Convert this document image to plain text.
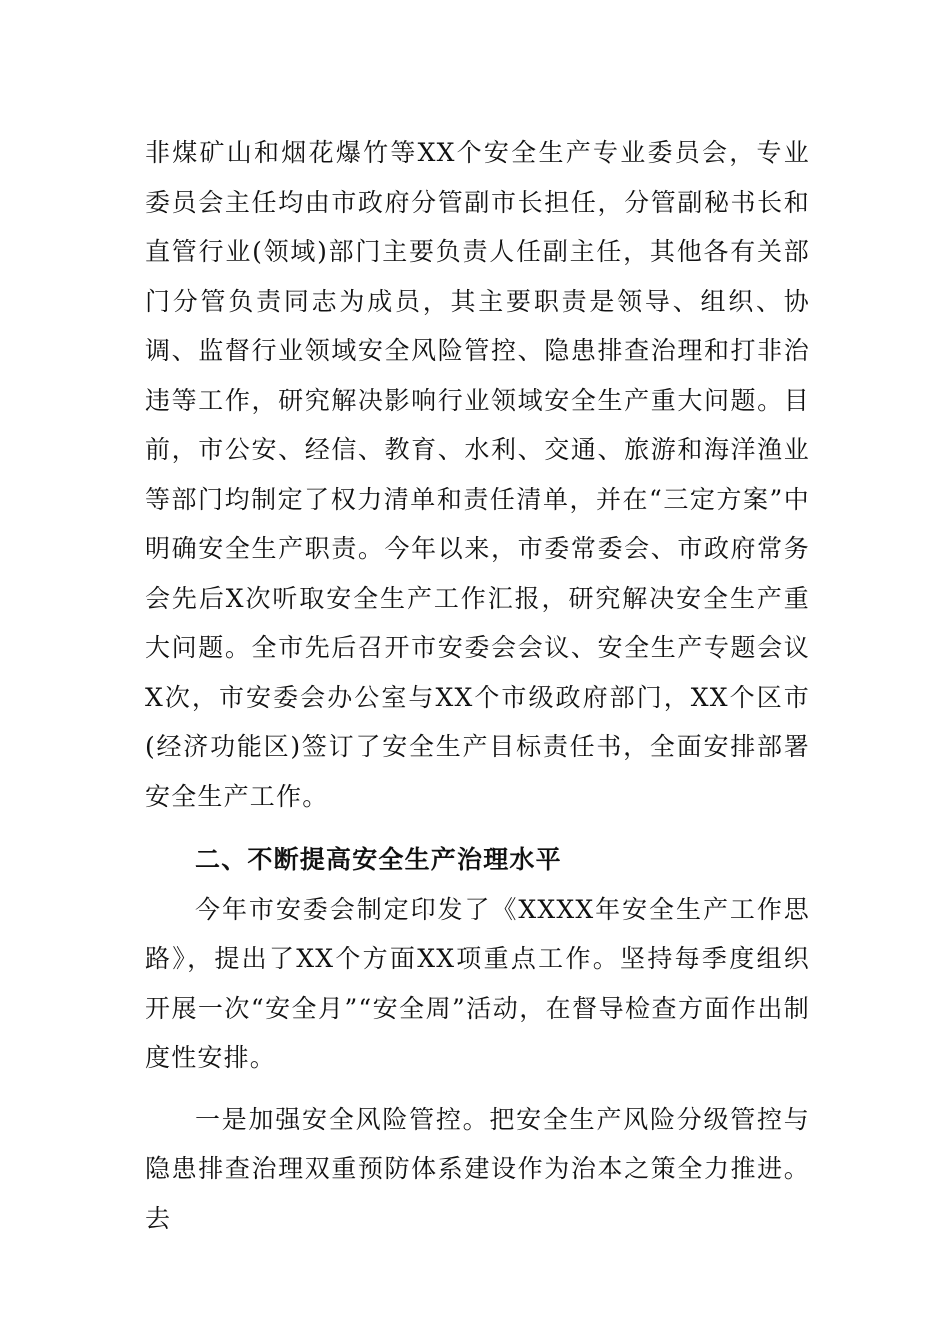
非煤矿山和烟花爆竹等XX个安全生产专业委员会，专业委员会主任均由市政府分管副市长担任，分管副秘书长和直管行业(领域)部门主要负责人任副主任，其他各有关部门分管负责同志为成员，其主要职责是领导、组织、协调、监督行业领域安全风险管控、隐患排查治理和打非治违等工作，研究解决影响行业领域安全生产重大问题。目前，市公安、经信、教育、水利、交通、旅游和海洋渔业等部门均制定了权力清单和责任清单，并在“三定方案”中明确安全生产职责。今年以来，市委常委会、市政府常务会先后X次听取安全生产工作汇报，研究解决安全生产重大问题。全市先后召开市安委会会议、安全生产专题会议X次，市安委会办公室与XX个市级政府部门，XX个区市(经济功能区)签订了安全生产目标责任书，全面安排部署安全生产工作。

二、不断提高安全生产治理水平

今年市安委会制定印发了《XXXX年安全生产工作思路》，提出了XX个方面XX项重点工作。坚持每季度组织开展一次“安全月”“安全周”活动，在督导检查方面作出制度性安排。

一是加强安全风险管控。把安全生产风险分级管控与隐患排查治理双重预防体系建设作为治本之策全力推进。去
